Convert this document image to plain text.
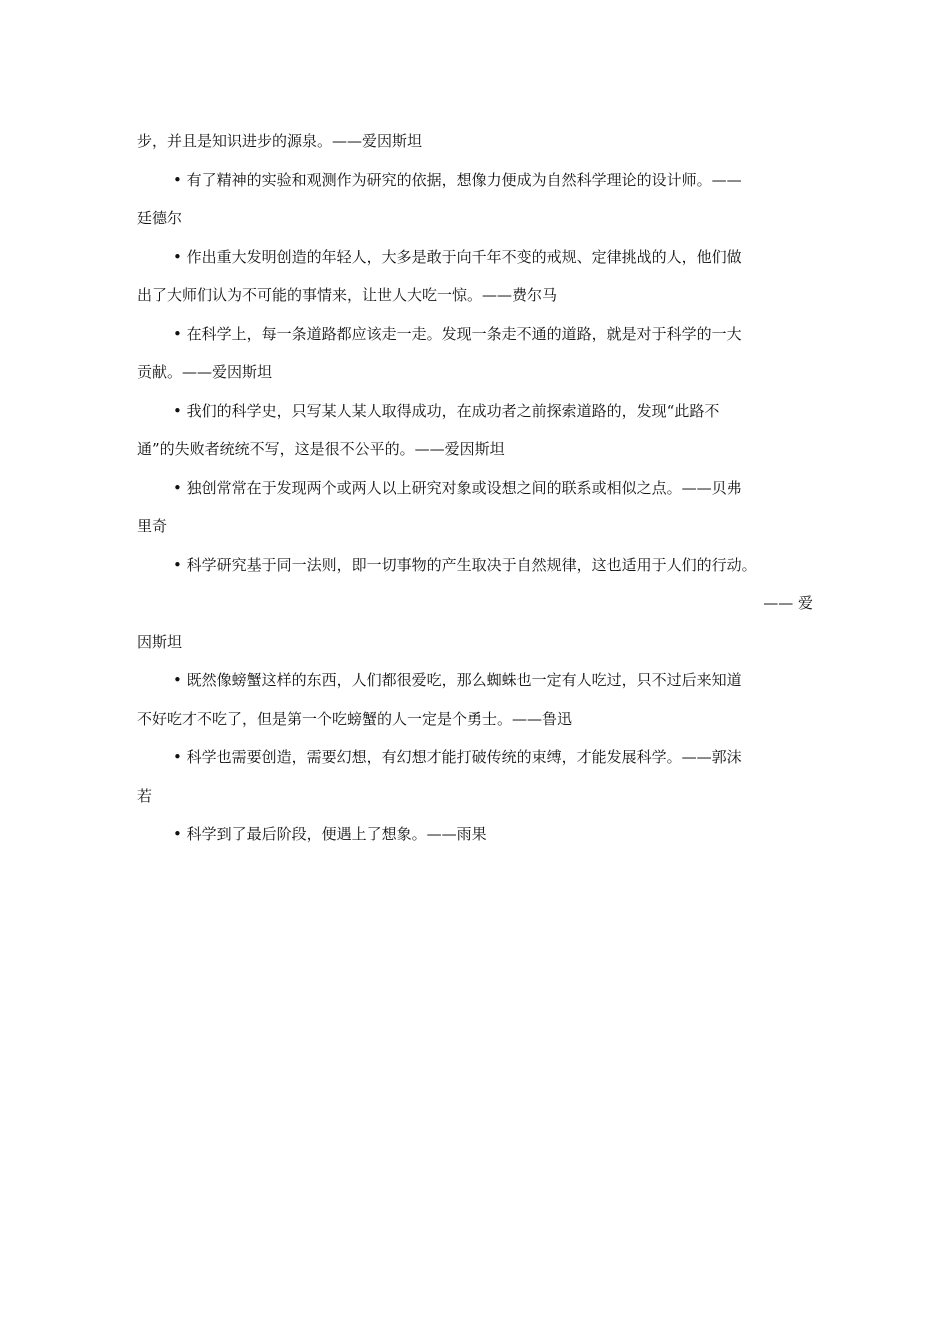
步，并且是知识进步的源泉。——爱因斯坦
• 有了精神的实验和观测作为研究的依据，想像力便成为自然科学理论的设计师。——
廷德尔
• 作出重大发明创造的年轻人，大多是敢于向千年不变的戒规、定律挑战的人，他们做
出了大师们认为不可能的事情来，让世人大吃一惊。——费尔马
• 在科学上，每一条道路都应该走一走。发现一条走不通的道路，就是对于科学的一大
贡献。——爱因斯坦
• 我们的科学史，只写某人某人取得成功，在成功者之前探索道路的，发现“此路不
通”的失败者统统不写，这是很不公平的。——爱因斯坦
• 独创常常在于发现两个或两人以上研究对象或设想之间的联系或相似之点。——贝弗
里奇
• 科学研究基于同一法则，即一切事物的产生取决于自然规律，这也适用于人们的行动。
—— 爱
因斯坦
• 既然像螃蟹这样的东西，人们都很爱吃，那么蜘蛛也一定有人吃过，只不过后来知道
不好吃才不吃了，但是第一个吃螃蟹的人一定是个勇士。——鲁迅
• 科学也需要创造，需要幻想，有幻想才能打破传统的束缚，才能发展科学。——郭沫
若
• 科学到了最后阶段，便遇上了想象。——雨果
